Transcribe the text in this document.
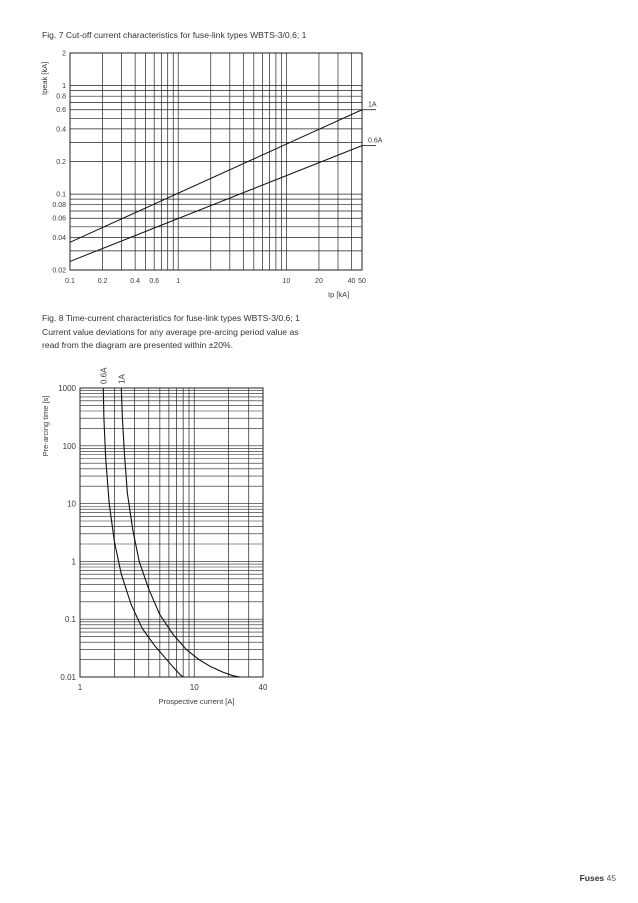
Fig. 7 Cut-off current characteristics for fuse-link types WBTS-3/0.6; 1
0.1	0.2	0.4 0.6 1	10	20	40 50
0.02
0.04
0.06
0.08
0.1
0.2
0.4
0.6
0.8
1
2
Ip [kA]
Ipeak [kA]
1A
0.6A
Fig. 8 Time-current characteristics for fuse-link types WBTS-3/0.6; 1
Current value deviations for any average pre-arcing period value as
read from the diagram are presented within ±20%.
1	10	40
0.01
0.1
1
10
100
1000
Prospective current [A]
Pre-arcing time [s]
0.6A 1A
Fuses 45
